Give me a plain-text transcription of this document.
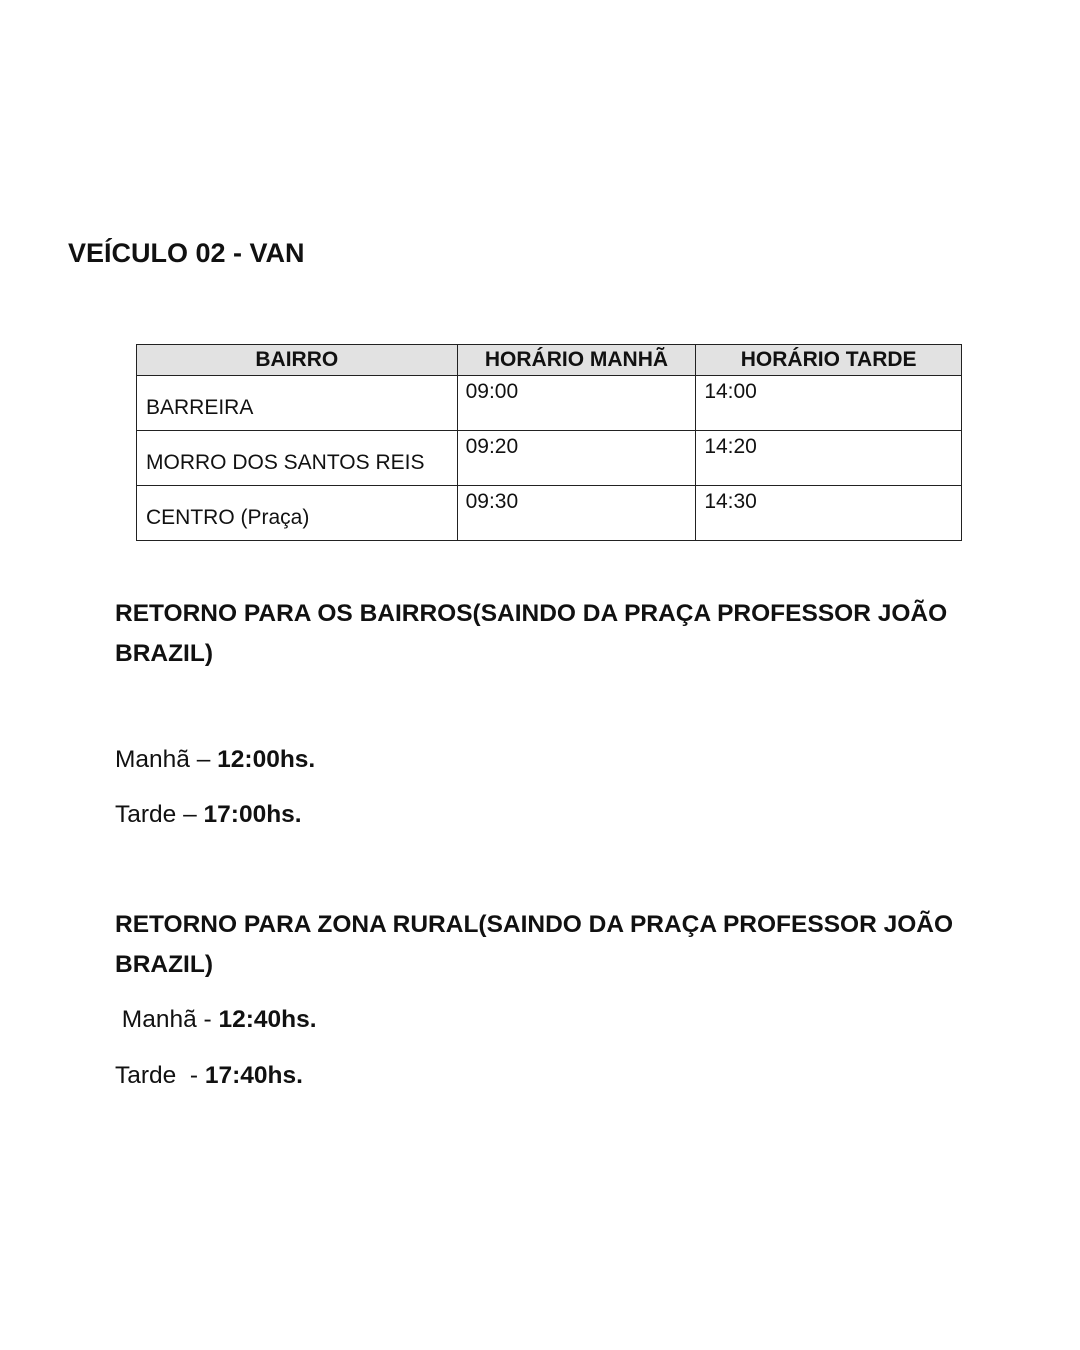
VEÍCULO 02 - VAN
BAIRRO	HORÁRIO MANHÃ	HORÁRIO TARDE
BARREIRA	09:00	14:00
MORRO DOS SANTOS REIS	09:20	14:20
CENTRO (Praça)	09:30	14:30
RETORNO PARA OS BAIRROS(SAINDO DA PRAÇA PROFESSOR JOÃO BRAZIL)

Manhã – 12:00hs.

Tarde – 17:00hs.

RETORNO PARA ZONA RURAL(SAINDO DA PRAÇA PROFESSOR JOÃO BRAZIL)

Manhã - 12:40hs.

Tarde  - 17:40hs.
